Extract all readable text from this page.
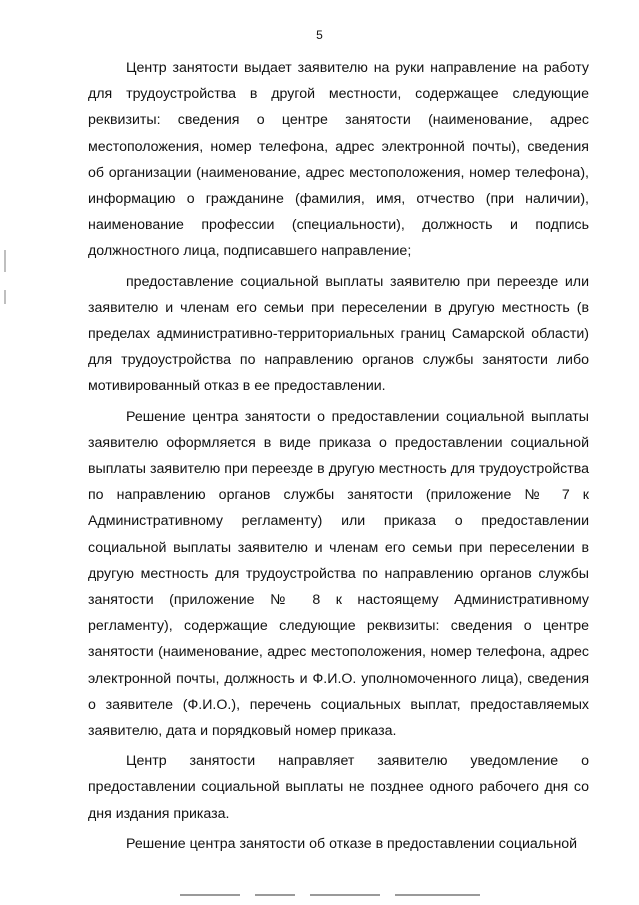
5

Центр занятости выдает заявителю на руки направление на работу для трудоустройства в другой местности, содержащее следующие реквизиты: сведения о центре занятости (наименование, адрес местоположения, номер телефона, адрес электронной почты), сведения об организации (наименование, адрес местоположения, номер телефона), информацию о гражданине (фамилия, имя, отчество (при наличии), наименование профессии (специальности), должность и подпись должностного лица, подписавшего направление;

предоставление социальной выплаты заявителю при переезде или заявителю и членам его семьи при переселении в другую местность (в пределах административно-территориальных границ Самарской области) для трудоустройства по направлению органов службы занятости либо мотивированный отказ в ее предоставлении.

Решение центра занятости о предоставлении социальной выплаты заявителю оформляется в виде приказа о предоставлении социальной выплаты заявителю при переезде в другую местность для трудоустройства по направлению органов службы занятости (приложение № 7 к Административному регламенту) или приказа о предоставлении социальной выплаты заявителю и членам его семьи при переселении в другую местность для трудоустройства по направлению органов службы занятости (приложение № 8 к настоящему Административному регламенту), содержащие следующие реквизиты: сведения о центре занятости (наименование, адрес местоположения, номер телефона, адрес электронной почты, должность и Ф.И.О. уполномоченного лица), сведения о заявителе (Ф.И.О.), перечень социальных выплат, предоставляемых заявителю, дата и порядковый номер приказа.

Центр занятости направляет заявителю уведомление о предоставлении социальной выплаты не позднее одного рабочего дня со дня издания приказа.

Решение центра занятости об отказе в предоставлении социальной
